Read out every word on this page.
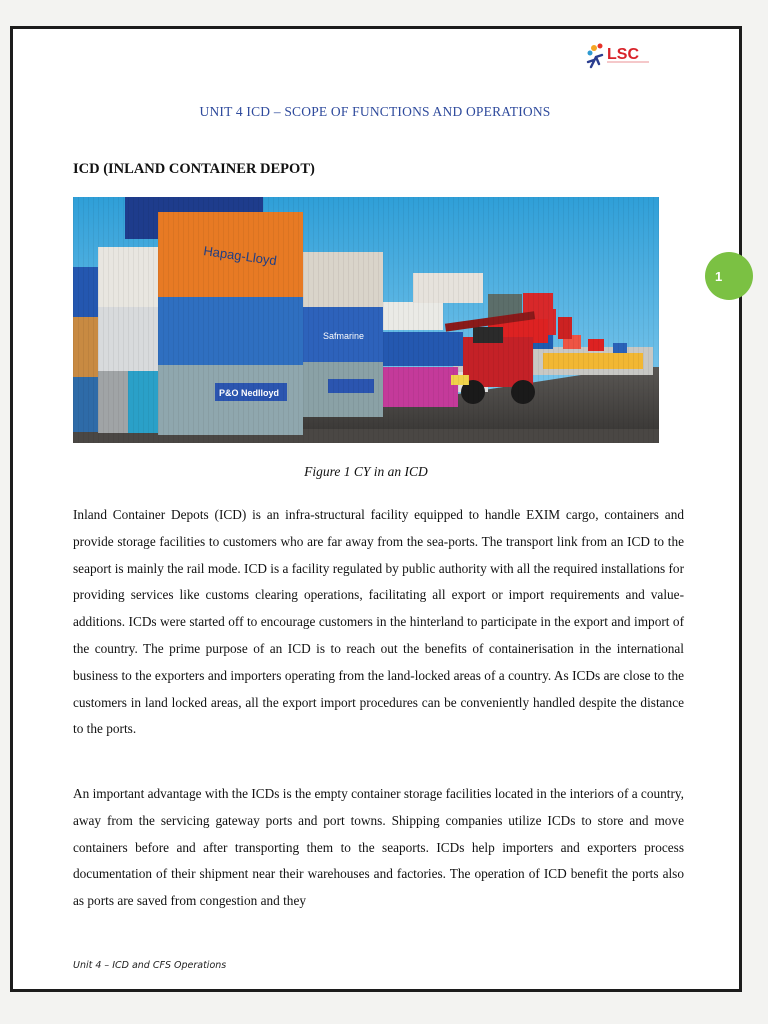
LSC
UNIT 4 ICD – SCOPE OF FUNCTIONS AND OPERATIONS
ICD (INLAND CONTAINER DEPOT)
Figure 1 CY in an ICD

Inland Container Depots (ICD) is an infra-structural facility equipped to handle EXIM cargo, containers and provide storage facilities to customers who are far away from the sea-ports. The transport link from an ICD to the seaport is mainly the rail mode. ICD is a facility regulated by public authority with all the required installations for providing services like customs clearing operations, facilitating all export or import requirements and value-additions. ICDs were started off to encourage customers in the hinterland to participate in the export and import of the country. The prime purpose of an ICD is to reach out the benefits of containerisation in the international business to the exporters and importers operating from the land-locked areas of a country. As ICDs are close to the customers in land locked areas, all the export import procedures can be conveniently handled despite the distance to the ports.

An important advantage with the ICDs is the empty container storage facilities located in the interiors of a country, away from the servicing gateway ports and port towns. Shipping companies utilize ICDs to store and move containers before and after transporting them to the seaports. ICDs help importers and exporters process documentation of their shipment near their warehouses and factories. The operation of ICD benefit the ports also as ports are saved from congestion and they

1
Unit 4 – ICD and CFS Operations
